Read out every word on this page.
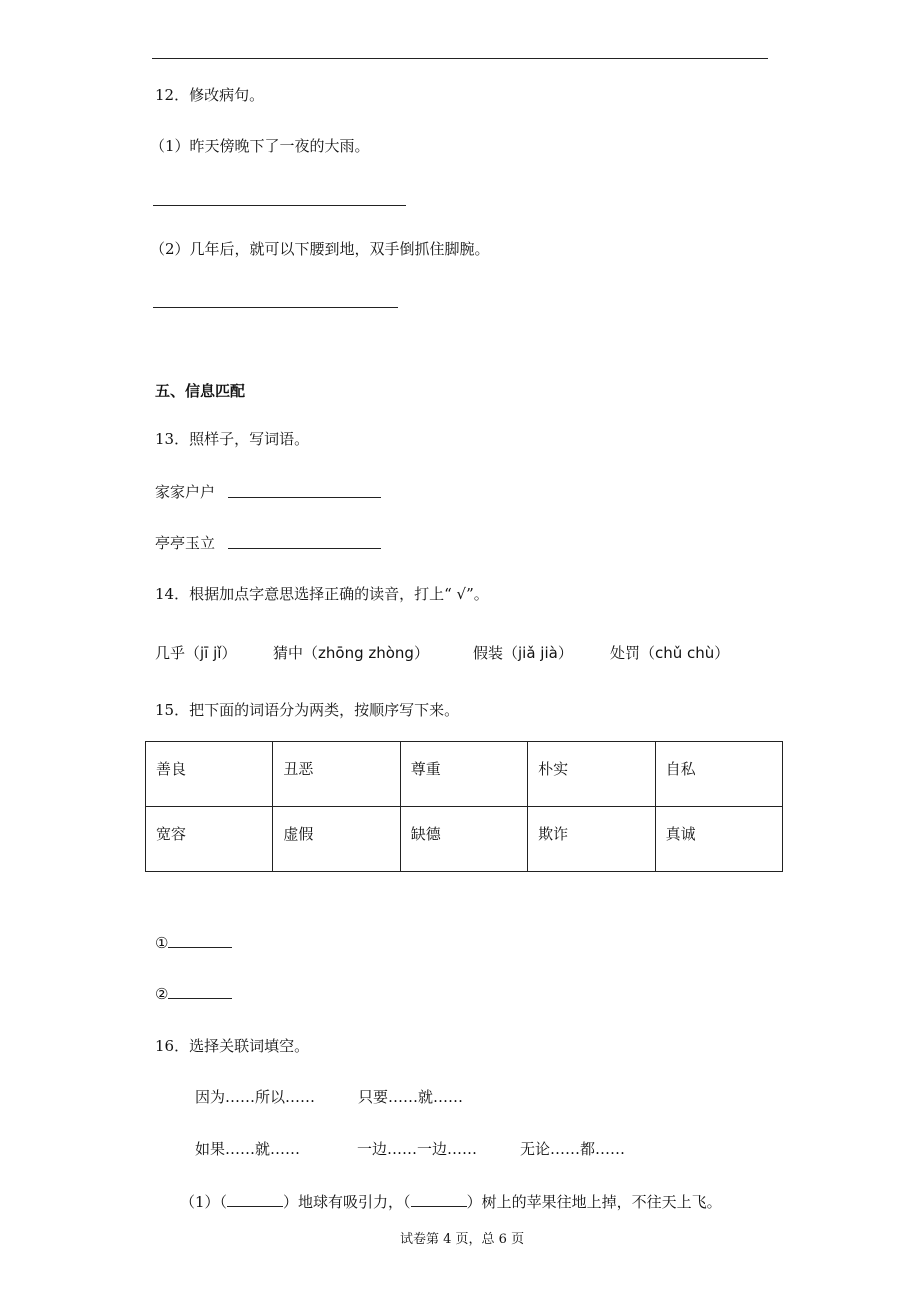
12．修改病句。
（1）昨天傍晚下了一夜的大雨。
（2）几年后，就可以下腰到地，双手倒抓住脚腕。
五、信息匹配
13．照样子，写词语。
家家户户
亭亭玉立
14．根据加点字意思选择正确的读音，打上“ √”。
几乎（jī jǐ） 猜中（zhōng zhòng）	假装（jiǎ jià） 处罚（chǔ chù）
15．把下面的词语分为两类，按顺序写下来。
善良	丑恶	尊重	朴实	自私
宽容	虚假	缺德	欺诈	真诚
①
②
16．选择关联词填空。
因为……所以……	只要……就……
如果……就……	一边……一边……	无论……都……
（1）（	）地球有吸引力，（	）树上的苹果往地上掉，不往天上飞。
试卷第 4 页，总 6 页
